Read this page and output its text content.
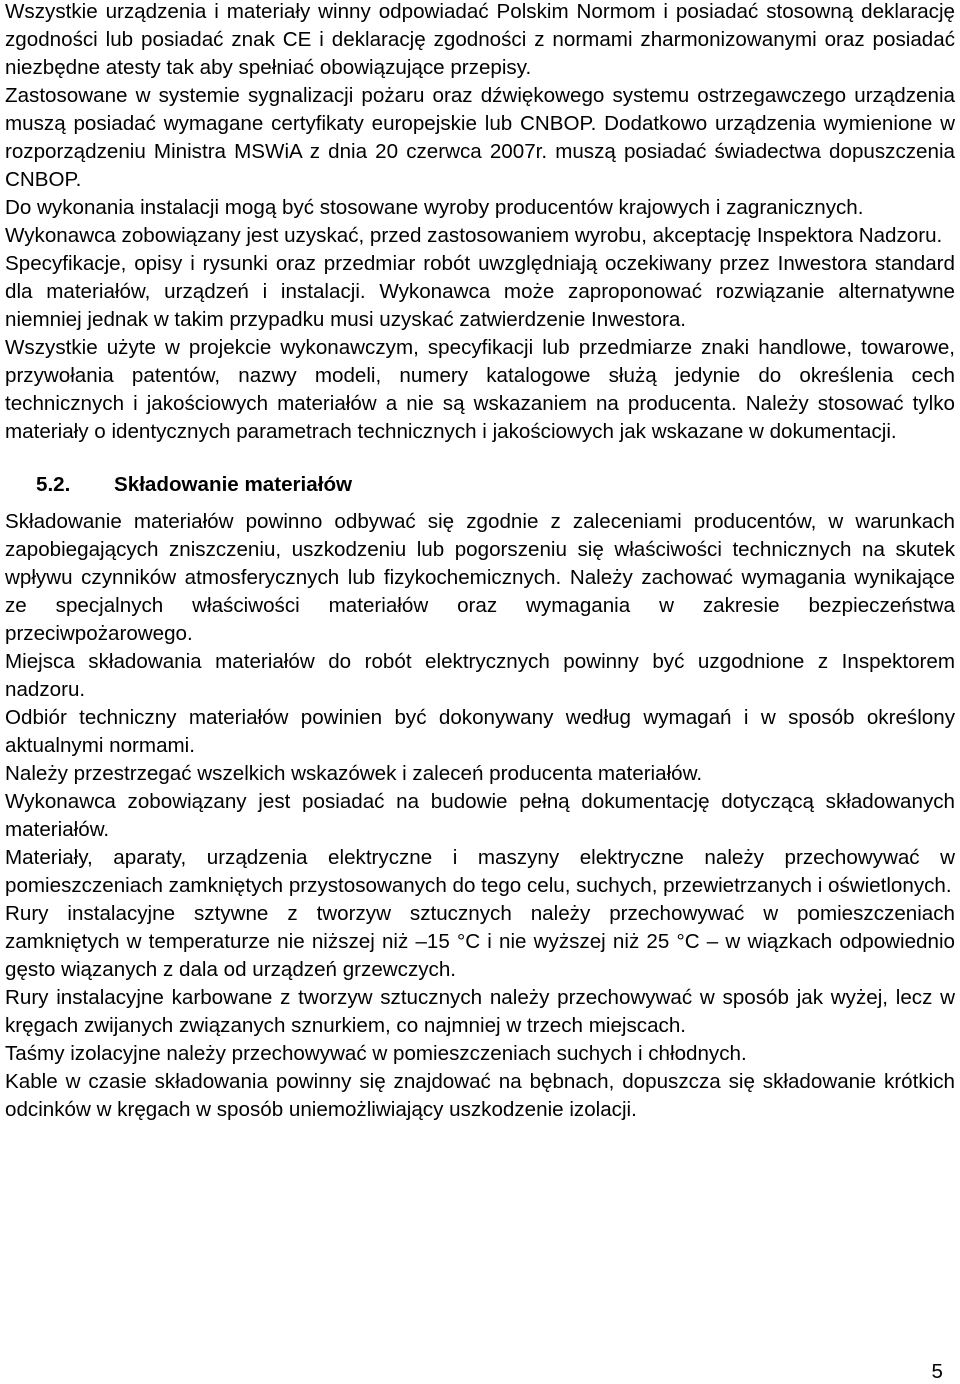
Wszystkie urządzenia i materiały winny odpowiadać Polskim Normom i posiadać stosowną deklarację zgodności lub posiadać znak CE i deklarację zgodności z normami zharmonizowanymi oraz posiadać niezbędne atesty tak aby spełniać obowiązujące przepisy.

Zastosowane w systemie sygnalizacji pożaru oraz dźwiękowego systemu ostrzegawczego urządzenia muszą posiadać wymagane certyfikaty europejskie lub CNBOP. Dodatkowo urządzenia wymienione w rozporządzeniu Ministra MSWiA z dnia 20 czerwca 2007r. muszą posiadać świadectwa dopuszczenia CNBOP.

Do wykonania instalacji mogą być stosowane wyroby producentów krajowych i zagranicznych.

Wykonawca zobowiązany jest uzyskać, przed zastosowaniem wyrobu, akceptację Inspektora Nadzoru.

Specyfikacje, opisy i rysunki oraz przedmiar robót uwzględniają oczekiwany przez Inwestora standard dla materiałów, urządzeń i instalacji. Wykonawca może zaproponować rozwiązanie alternatywne niemniej jednak w takim przypadku musi uzyskać zatwierdzenie Inwestora.

Wszystkie użyte w projekcie wykonawczym, specyfikacji lub przedmiarze znaki handlowe, towarowe, przywołania patentów, nazwy modeli, numery katalogowe służą jedynie do określenia cech technicznych i jakościowych materiałów a nie są wskazaniem na producenta. Należy stosować tylko materiały o identycznych parametrach technicznych i jakościowych jak wskazane w dokumentacji.

5.2. Składowanie materiałów

Składowanie materiałów powinno odbywać się zgodnie z zaleceniami producentów, w warunkach zapobiegających zniszczeniu, uszkodzeniu lub pogorszeniu się właściwości technicznych na skutek wpływu czynników atmosferycznych lub fizykochemicznych. Należy zachować wymagania wynikające ze specjalnych właściwości materiałów oraz wymagania w zakresie bezpieczeństwa przeciwpożarowego.

Miejsca składowania materiałów do robót elektrycznych powinny być uzgodnione z Inspektorem nadzoru.

Odbiór techniczny materiałów powinien być dokonywany według wymagań i w sposób określony aktualnymi normami.

Należy przestrzegać wszelkich wskazówek i zaleceń producenta materiałów.

Wykonawca zobowiązany jest posiadać na budowie pełną dokumentację dotyczącą składowanych materiałów.

Materiały, aparaty, urządzenia elektryczne i maszyny elektryczne należy przechowywać w pomieszczeniach zamkniętych przystosowanych do tego celu, suchych, przewietrzanych i oświetlonych.

Rury instalacyjne sztywne z tworzyw sztucznych należy przechowywać w pomieszczeniach zamkniętych w temperaturze nie niższej niż –15 °C i nie wyższej niż 25 °C – w wiązkach odpowiednio gęsto wiązanych z dala od urządzeń grzewczych.

Rury instalacyjne karbowane z tworzyw sztucznych należy przechowywać w sposób jak wyżej, lecz w kręgach zwijanych związanych sznurkiem, co najmniej w trzech miejscach.

Taśmy izolacyjne należy przechowywać w pomieszczeniach suchych i chłodnych.

Kable w czasie składowania powinny się znajdować na bębnach, dopuszcza się składowanie krótkich odcinków w kręgach w sposób uniemożliwiający uszkodzenie izolacji.

5
